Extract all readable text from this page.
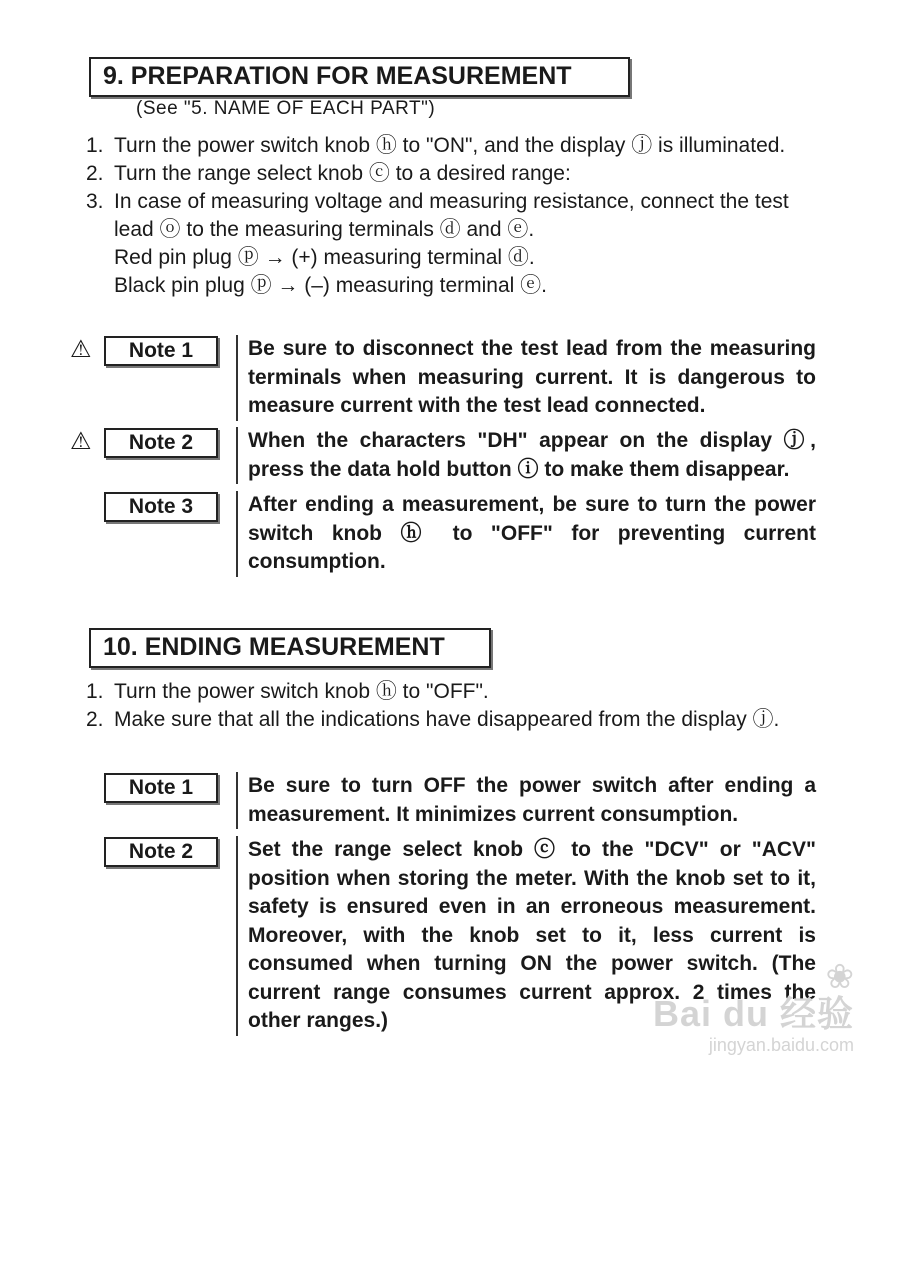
9. PREPARATION FOR MEASUREMENT
(See "5. NAME OF EACH PART")
1. Turn the power switch knob ⓗ to "ON", and the display ⓙ is illuminated.
2. Turn the range select knob ⓒ to a desired range:
3. In case of measuring voltage and measuring resistance, connect the test lead ⓞ to the measuring terminals ⓓ and ⓔ.
Red pin plug ⓟ → (+) measuring terminal ⓓ.
Black pin plug ⓟ → (–) measuring terminal ⓔ.
⚠	Note 1	Be sure to disconnect the test lead from the measuring terminals when measuring current. It is dangerous to measure current with the test lead connected.
⚠	Note 2	When the characters "DH" appear on the display ⓙ, press the data hold button ⓘ to make them disappear.
Note 3	After ending a measurement, be sure to turn the power switch knob ⓗ to "OFF" for preventing current consumption.
10. ENDING MEASUREMENT
1. Turn the power switch knob ⓗ to "OFF".
2. Make sure that all the indications have disappeared from the display ⓙ.
Note 1	Be sure to turn OFF the power switch after ending a measurement. It minimizes current consumption.
Note 2	Set the range select knob ⓒ to the "DCV" or "ACV" position when storing the meter. With the knob set to it, safety is ensured even in an erroneous measurement. Moreover, with the knob set to it, less current is consumed when turning ON the power switch. (The current range consumes current approx. 2 times the other ranges.)
❀
Bai du 经验
jingyan.baidu.com
